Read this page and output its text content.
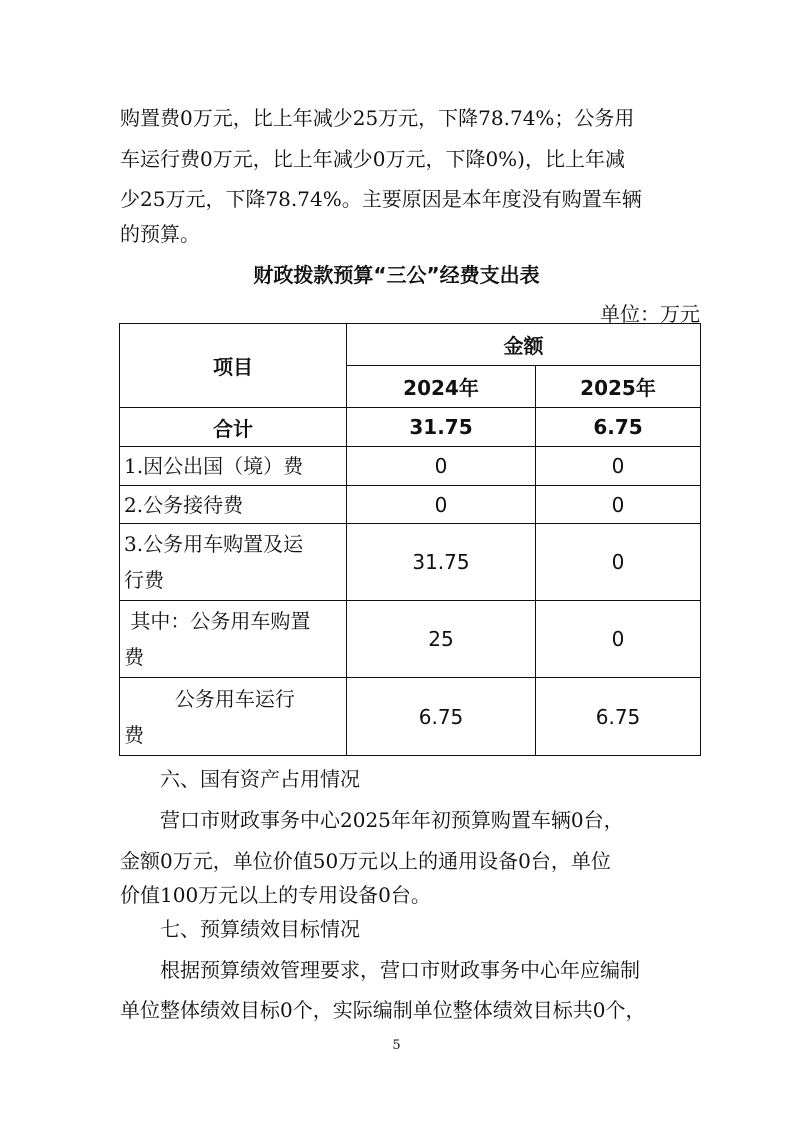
购置费0万元，比上年减少25万元，下降78.74%；公务用
车运行费0万元，比上年减少0万元，下降0%)，比上年减
少25万元，下降78.74%。主要原因是本年度没有购置车辆
的预算。
财政拨款预算“三公”经费支出表
单位：万元
项目	金额	
	2024年	2025年
合计	31.75	6.75
1.因公出国（境）费	0	0
2.公务接待费	0	0

3.公务用车购置及运
行费	31.75	0

其中：公务用车购置
费	25	0

公务用车运行
费	6.75	6.75
六、国有资产占用情况
营口市财政事务中心2025年年初预算购置车辆0台，
金额0万元，单位价值50万元以上的通用设备0台，单位
价值100万元以上的专用设备0台。
七、预算绩效目标情况
根据预算绩效管理要求，营口市财政事务中心年应编制
单位整体绩效目标0个，实际编制单位整体绩效目标共0个，
5
